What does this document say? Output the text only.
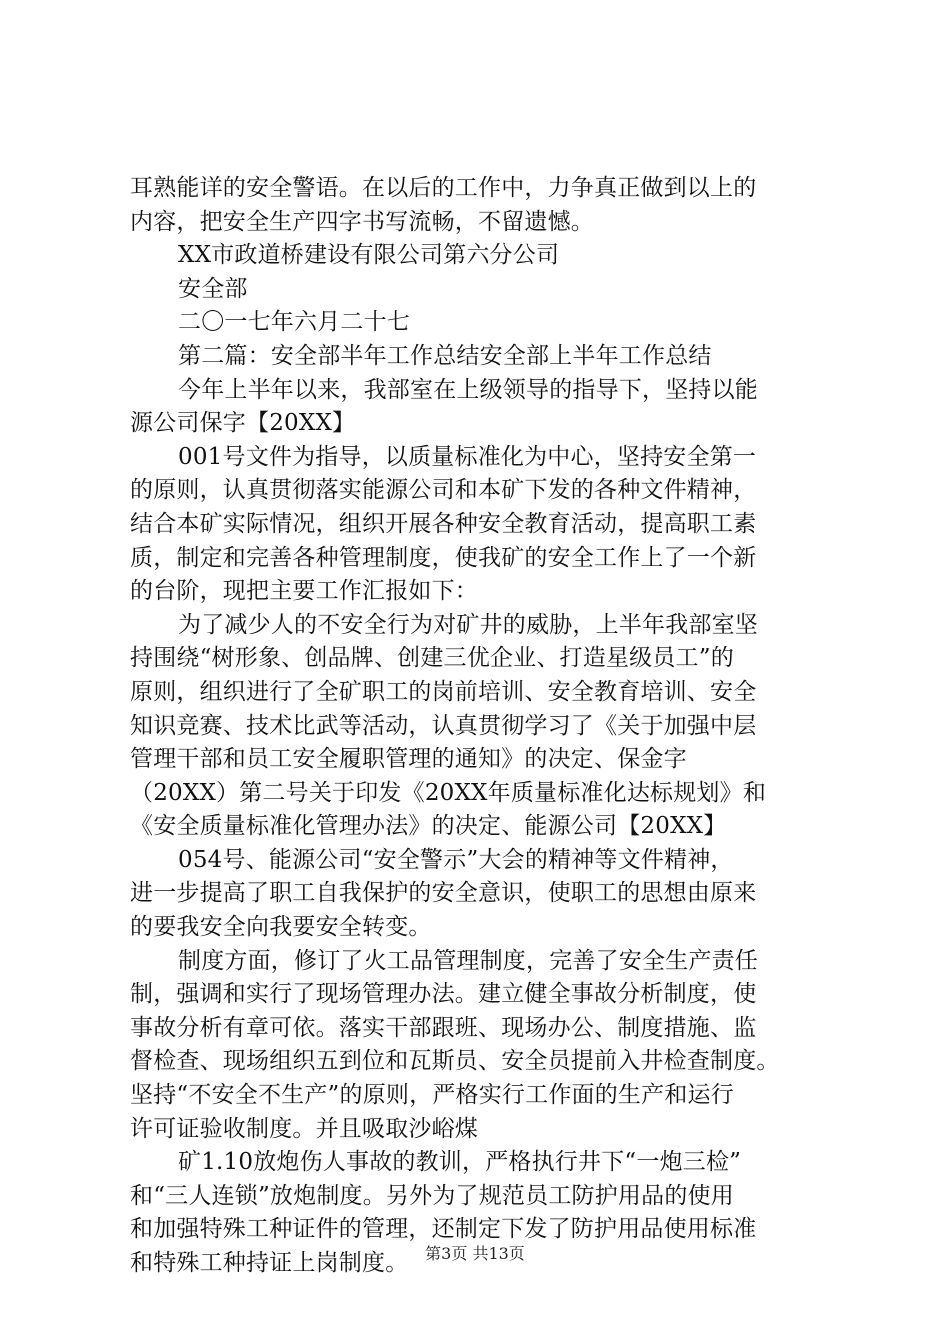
耳熟能详的安全警语。在以后的工作中，力争真正做到以上的
内容，把安全生产四字书写流畅，不留遗憾。
XX市政道桥建设有限公司第六分公司
安全部
二〇一七年六月二十七
第二篇：安全部半年工作总结安全部上半年工作总结
今年上半年以来，我部室在上级领导的指导下，坚持以能
源公司保字【20XX】
001号文件为指导，以质量标准化为中心，坚持安全第一
的原则，认真贯彻落实能源公司和本矿下发的各种文件精神，
结合本矿实际情况，组织开展各种安全教育活动，提高职工素
质，制定和完善各种管理制度，使我矿的安全工作上了一个新
的台阶，现把主要工作汇报如下：
为了减少人的不安全行为对矿井的威胁，上半年我部室坚
持围绕“树形象、创品牌、创建三优企业、打造星级员工”的
原则，组织进行了全矿职工的岗前培训、安全教育培训、安全
知识竞赛、技术比武等活动，认真贯彻学习了《关于加强中层
管理干部和员工安全履职管理的通知》的决定、保金字
（20XX）第二号关于印发《20XX年质量标准化达标规划》和
《安全质量标准化管理办法》的决定、能源公司【20XX】
054号、能源公司“安全警示”大会的精神等文件精神，
进一步提高了职工自我保护的安全意识，使职工的思想由原来
的要我安全向我要安全转变。
制度方面，修订了火工品管理制度，完善了安全生产责任
制，强调和实行了现场管理办法。建立健全事故分析制度，使
事故分析有章可依。落实干部跟班、现场办公、制度措施、监
督检查、现场组织五到位和瓦斯员、安全员提前入井检查制度。
坚持“不安全不生产”的原则，严格实行工作面的生产和运行
许可证验收制度。并且吸取沙峪煤
矿1.10放炮伤人事故的教训，严格执行井下“一炮三检”
和“三人连锁”放炮制度。另外为了规范员工防护用品的使用
和加强特殊工种证件的管理，还制定下发了防护用品使用标准
和特殊工种持证上岗制度。	第3页 共13页
